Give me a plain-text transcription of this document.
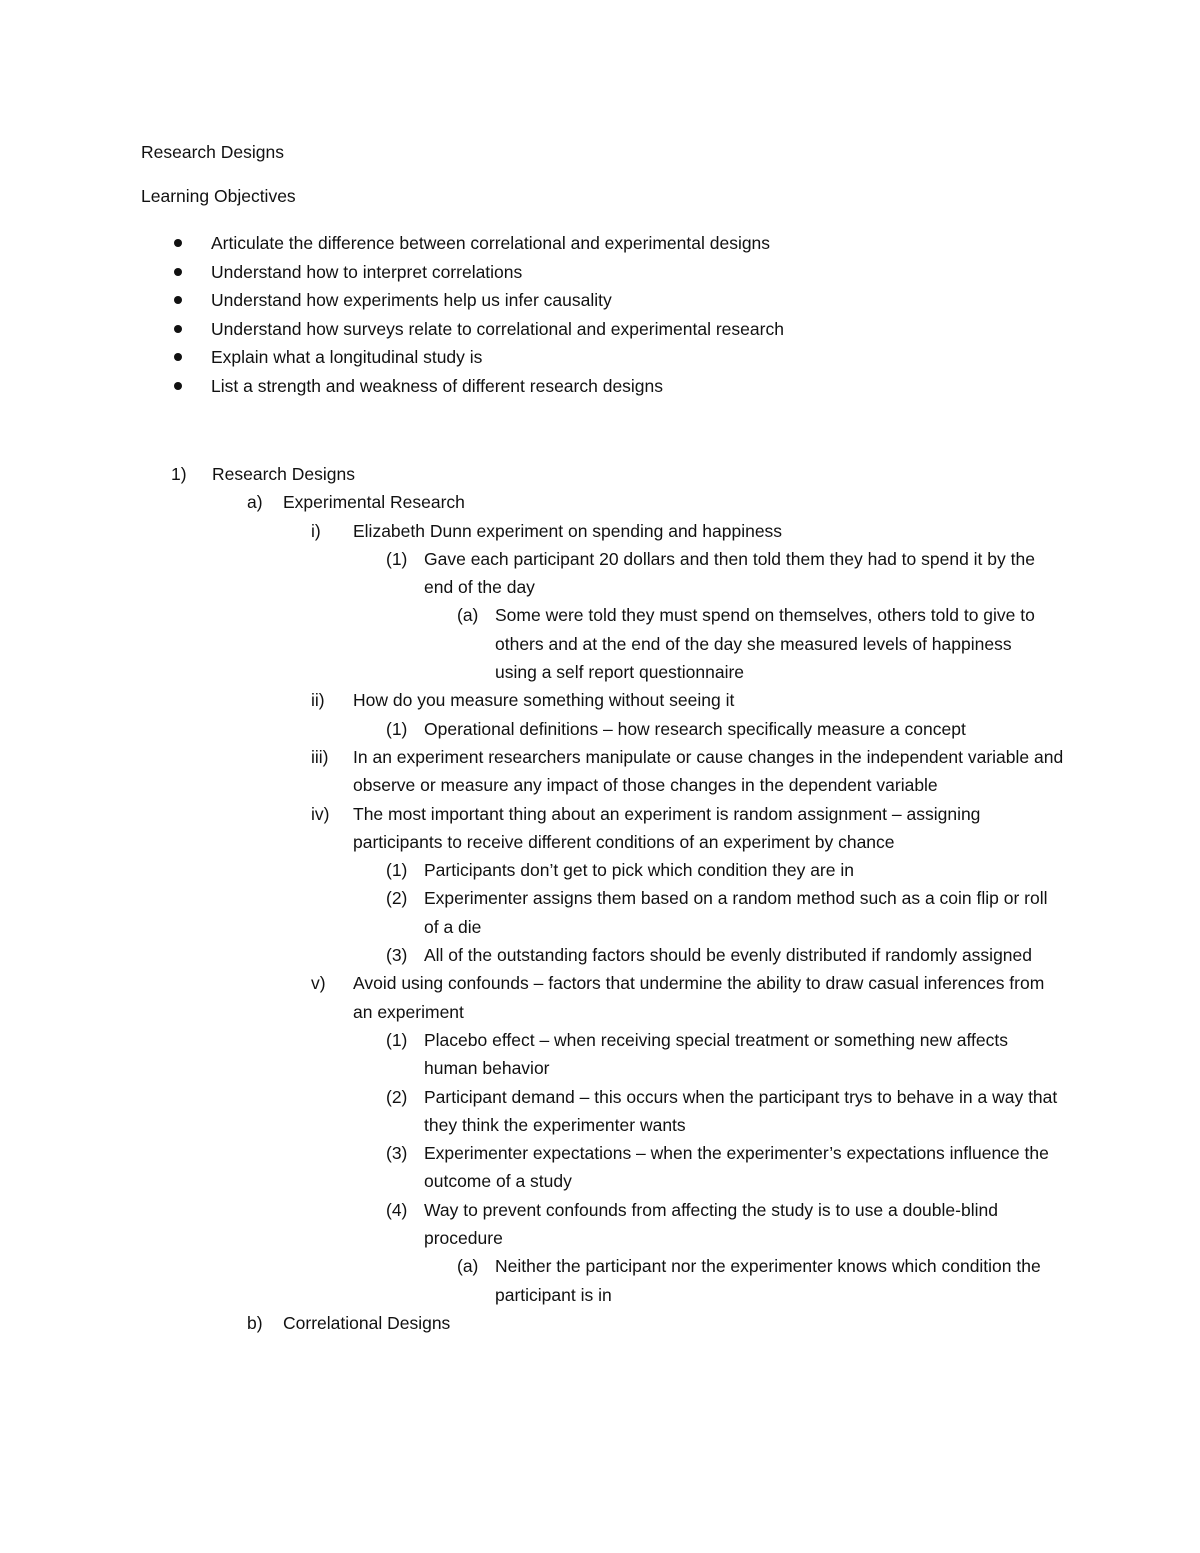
Research Designs
Learning Objectives
Articulate the difference between correlational and experimental designs
Understand how to interpret correlations
Understand how experiments help us infer causality
Understand how surveys relate to correlational and experimental research
Explain what a longitudinal study is
List a strength and weakness of different research designs
1) Research Designs
a) Experimental Research
i) Elizabeth Dunn experiment on spending and happiness
(1) Gave each participant 20 dollars and then told them they had to spend it by the end of the day
(a) Some were told they must spend on themselves, others told to give to others and at the end of the day she measured levels of happiness using a self report questionnaire
ii) How do you measure something without seeing it
(1) Operational definitions – how research specifically measure a concept
iii) In an experiment researchers manipulate or cause changes in the independent variable and observe or measure any impact of those changes in the dependent variable
iv) The most important thing about an experiment is random assignment – assigning participants to receive different conditions of an experiment by chance
(1) Participants don’t get to pick which condition they are in
(2) Experimenter assigns them based on a random method such as a coin flip or roll of a die
(3) All of the outstanding factors should be evenly distributed if randomly assigned
v) Avoid using confounds – factors that undermine the ability to draw casual inferences from an experiment
(1) Placebo effect – when receiving special treatment or something new affects human behavior
(2) Participant demand – this occurs when the participant trys to behave in a way that they think the experimenter wants
(3) Experimenter expectations – when the experimenter’s expectations influence the outcome of a study
(4) Way to prevent confounds from affecting the study is to use a double-blind procedure
(a) Neither the participant nor the experimenter knows which condition the participant is in
b) Correlational Designs
